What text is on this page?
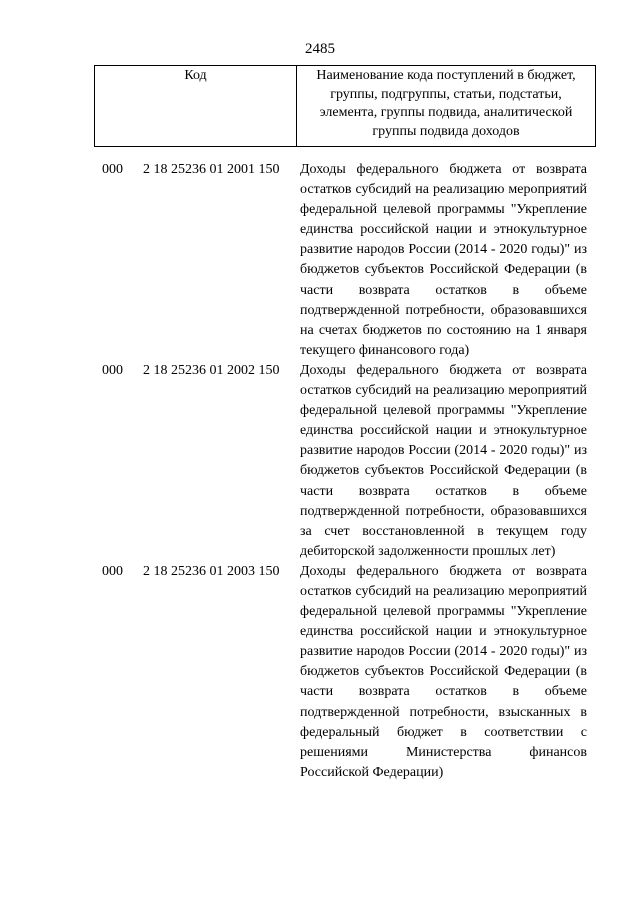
2485
Код	Наименование кода поступлений в бюджет, группы, подгруппы, статьи, подстатьи, элемента, группы подвида, аналитической группы подвида доходов
000 2 18 25236 01 2001 150 Доходы федерального бюджета от возврата остатков субсидий на реализацию мероприятий федеральной целевой программы "Укрепление единства российской нации и этнокультурное развитие народов России (2014 - 2020 годы)" из бюджетов субъектов Российской Федерации (в части возврата остатков в объеме подтвержденной потребности, образовавшихся на счетах бюджетов по состоянию на 1 января текущего финансового года)
000 2 18 25236 01 2002 150 Доходы федерального бюджета от возврата остатков субсидий на реализацию мероприятий федеральной целевой программы "Укрепление единства российской нации и этнокультурное развитие народов России (2014 - 2020 годы)" из бюджетов субъектов Российской Федерации (в части возврата остатков в объеме подтвержденной потребности, образовавшихся за счет восстановленной в текущем году дебиторской задолженности прошлых лет)
000 2 18 25236 01 2003 150 Доходы федерального бюджета от возврата остатков субсидий на реализацию мероприятий федеральной целевой программы "Укрепление единства российской нации и этнокультурное развитие народов России (2014 - 2020 годы)" из бюджетов субъектов Российской Федерации (в части возврата остатков в объеме подтвержденной потребности, взысканных в федеральный бюджет в соответствии с решениями Министерства финансов Российской Федерации)
